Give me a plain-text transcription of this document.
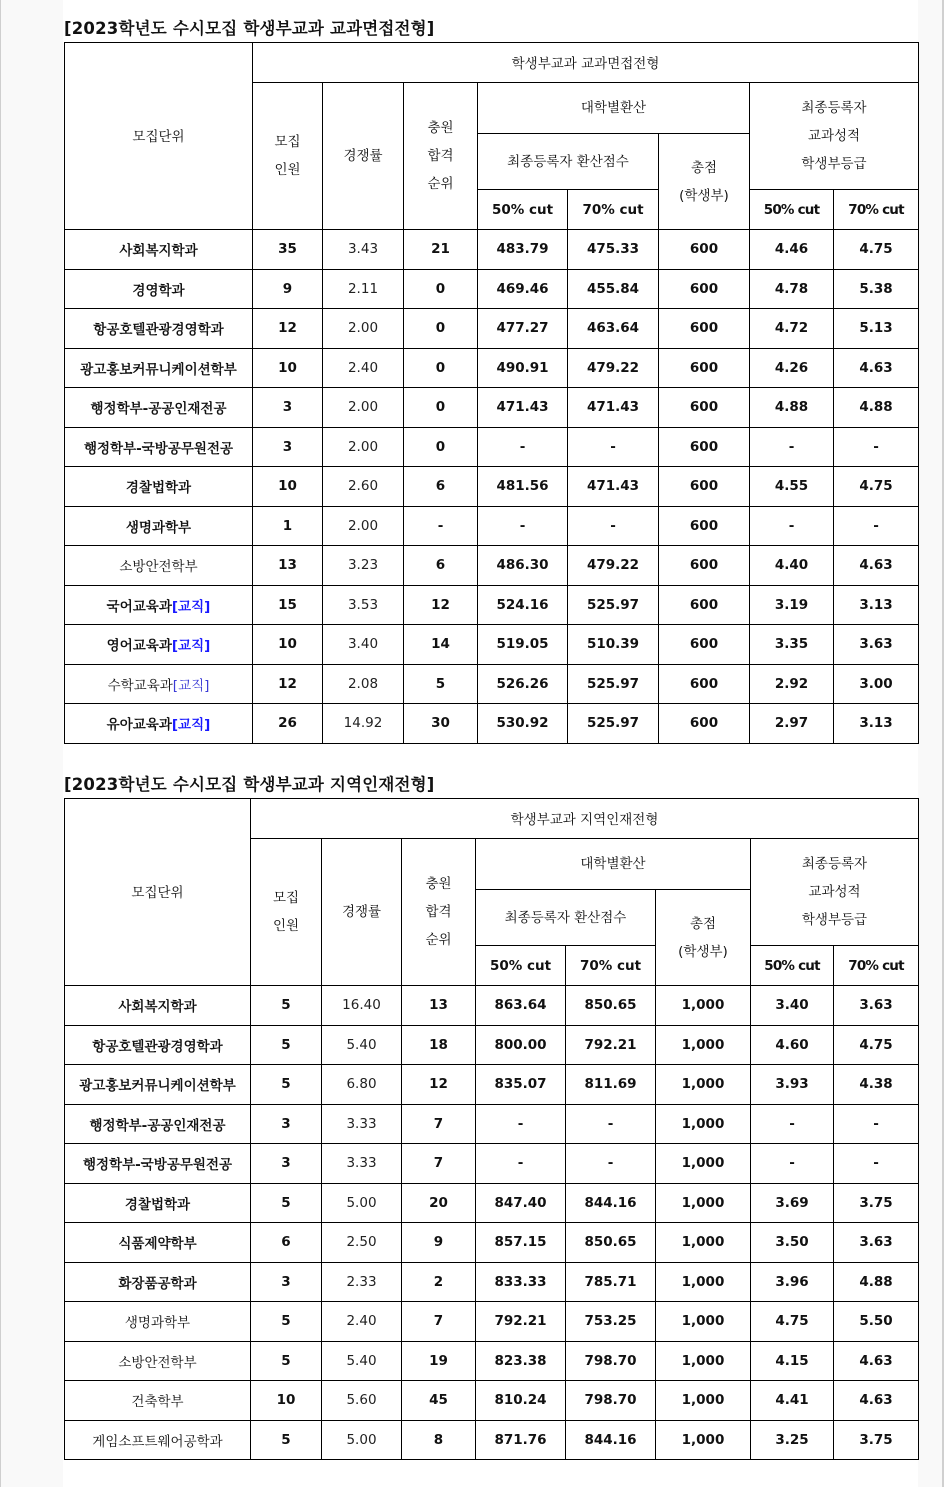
[2023학년도 수시모집 학생부교과 교과면접전형]
모집단위	학생부교과 교과면접전형							
	모집
인원	경쟁률	충원
합격
순위	대학별환산			최종등록자
교과성적
학생부등급	
				최종등록자 환산점수		총점
(학생부)		
				50% cut	70% cut		50% cut	70% cut
사회복지학과	35	3.43	21	483.79	475.33	600	4.46	4.75
경영학과	9	2.11	0	469.46	455.84	600	4.78	5.38
항공호텔관광경영학과	12	2.00	0	477.27	463.64	600	4.72	5.13
광고홍보커뮤니케이션학부	10	2.40	0	490.91	479.22	600	4.26	4.63
행정학부-공공인재전공	3	2.00	0	471.43	471.43	600	4.88	4.88
행정학부-국방공무원전공	3	2.00	0	-	-	600	-	-
경찰법학과	10	2.60	6	481.56	471.43	600	4.55	4.75
생명과학부	1	2.00	-	-	-	600	-	-
소방안전학부	13	3.23	6	486.30	479.22	600	4.40	4.63
국어교육과[교직]	15	3.53	12	524.16	525.97	600	3.19	3.13
영어교육과[교직]	10	3.40	14	519.05	510.39	600	3.35	3.63
수학교육과[교직]	12	2.08	5	526.26	525.97	600	2.92	3.00
유아교육과[교직]	26	14.92	30	530.92	525.97	600	2.97	3.13
[2023학년도 수시모집 학생부교과 지역인재전형]
모집단위	학생부교과 지역인재전형							
	모집
인원	경쟁률	충원
합격
순위	대학별환산			최종등록자
교과성적
학생부등급	
				최종등록자 환산점수		총점
(학생부)		
				50% cut	70% cut		50% cut	70% cut
사회복지학과	5	16.40	13	863.64	850.65	1,000	3.40	3.63
항공호텔관광경영학과	5	5.40	18	800.00	792.21	1,000	4.60	4.75
광고홍보커뮤니케이션학부	5	6.80	12	835.07	811.69	1,000	3.93	4.38
행정학부-공공인재전공	3	3.33	7	-	-	1,000	-	-
행정학부-국방공무원전공	3	3.33	7	-	-	1,000	-	-
경찰법학과	5	5.00	20	847.40	844.16	1,000	3.69	3.75
식품제약학부	6	2.50	9	857.15	850.65	1,000	3.50	3.63
화장품공학과	3	2.33	2	833.33	785.71	1,000	3.96	4.88
생명과학부	5	2.40	7	792.21	753.25	1,000	4.75	5.50
소방안전학부	5	5.40	19	823.38	798.70	1,000	4.15	4.63
건축학부	10	5.60	45	810.24	798.70	1,000	4.41	4.63
게임소프트웨어공학과	5	5.00	8	871.76	844.16	1,000	3.25	3.75
